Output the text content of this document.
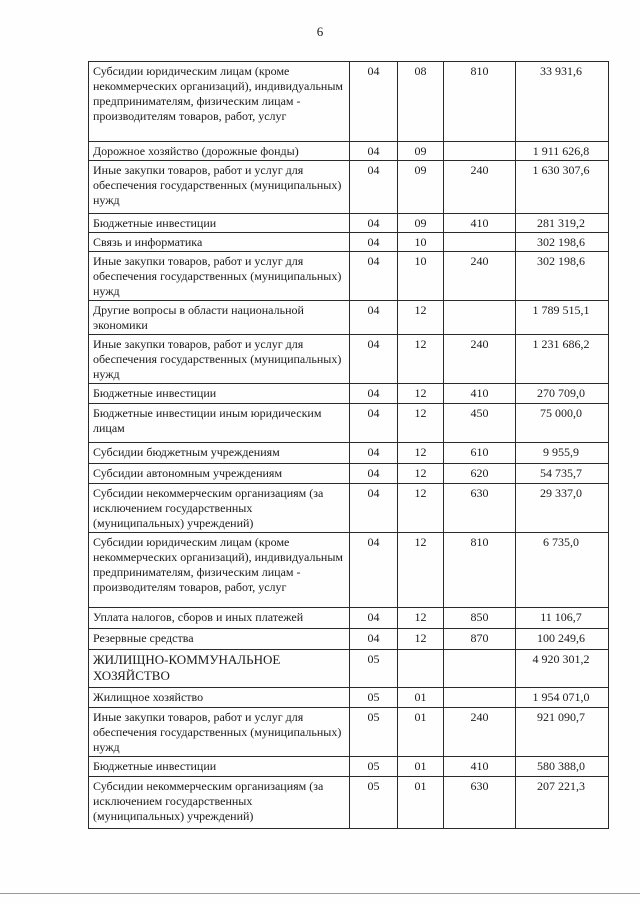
6
Субсидии юридическим лицам (кроме некоммерческих организаций), индивидуальным предпринимателям, физическим лицам - производителям товаров, работ, услуг	04	08	810	33 931,6
Дорожное хозяйство (дорожные фонды)	04	09		1 911 626,8
Иные закупки товаров, работ и услуг для обеспечения государственных (муниципальных) нужд	04	09	240	1 630 307,6
Бюджетные инвестиции	04	09	410	281 319,2
Связь и информатика	04	10		302 198,6
Иные закупки товаров, работ и услуг для обеспечения государственных (муниципальных) нужд	04	10	240	302 198,6
Другие вопросы в области национальной экономики	04	12		1 789 515,1
Иные закупки товаров, работ и услуг для обеспечения государственных (муниципальных) нужд	04	12	240	1 231 686,2
Бюджетные инвестиции	04	12	410	270 709,0
Бюджетные инвестиции иным юридическим лицам	04	12	450	75 000,0
Субсидии бюджетным учреждениям	04	12	610	9 955,9
Субсидии автономным учреждениям	04	12	620	54 735,7
Субсидии некоммерческим организациям (за исключением государственных (муниципальных) учреждений)	04	12	630	29 337,0
Субсидии юридическим лицам (кроме некоммерческих организаций), индивидуальным предпринимателям, физическим лицам - производителям товаров, работ, услуг	04	12	810	6 735,0
Уплата налогов, сборов и иных платежей	04	12	850	11 106,7
Резервные средства	04	12	870	100 249,6
ЖИЛИЩНО-КОММУНАЛЬНОЕ ХОЗЯЙСТВО	05			4 920 301,2
Жилищное хозяйство	05	01		1 954 071,0
Иные закупки товаров, работ и услуг для обеспечения государственных (муниципальных) нужд	05	01	240	921 090,7
Бюджетные инвестиции	05	01	410	580 388,0
Субсидии некоммерческим организациям (за исключением государственных (муниципальных) учреждений)	05	01	630	207 221,3
